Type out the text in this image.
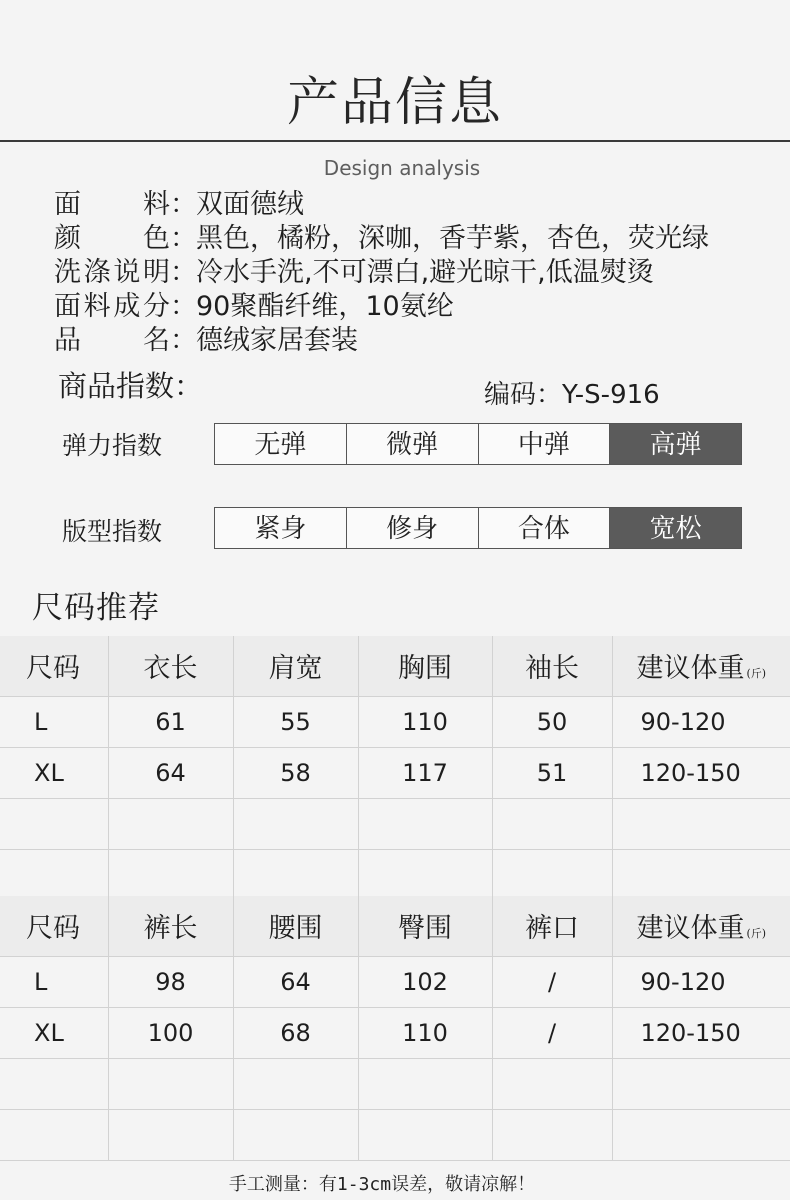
产品信息
Design analysis
面料：双面德绒
颜色：黑色，橘粉，深咖，香芋紫，杏色，荧光绿
洗涤说明：冷水手洗,不可漂白,避光晾干,低温熨烫
面料成分：90聚酯纤维，10氨纶
品名：德绒家居套装
商品指数：	编码：Y-S-916
弹力指数	无弹	微弹	中弹	高弹
版型指数	紧身	修身	合体	宽松
尺码推荐
尺码	衣长	肩宽	胸围	袖长	建议体重 (斤)
L	61	55	110	50	90-120
XL	64	58	117	51	120-150

尺码	裤长	腰围	臀围	裤口	建议体重 (斤)
L	98	64	102	/	90-120
XL	100	68	110	/	120-150

手工测量：有1-3cm误差，敬请凉解！
